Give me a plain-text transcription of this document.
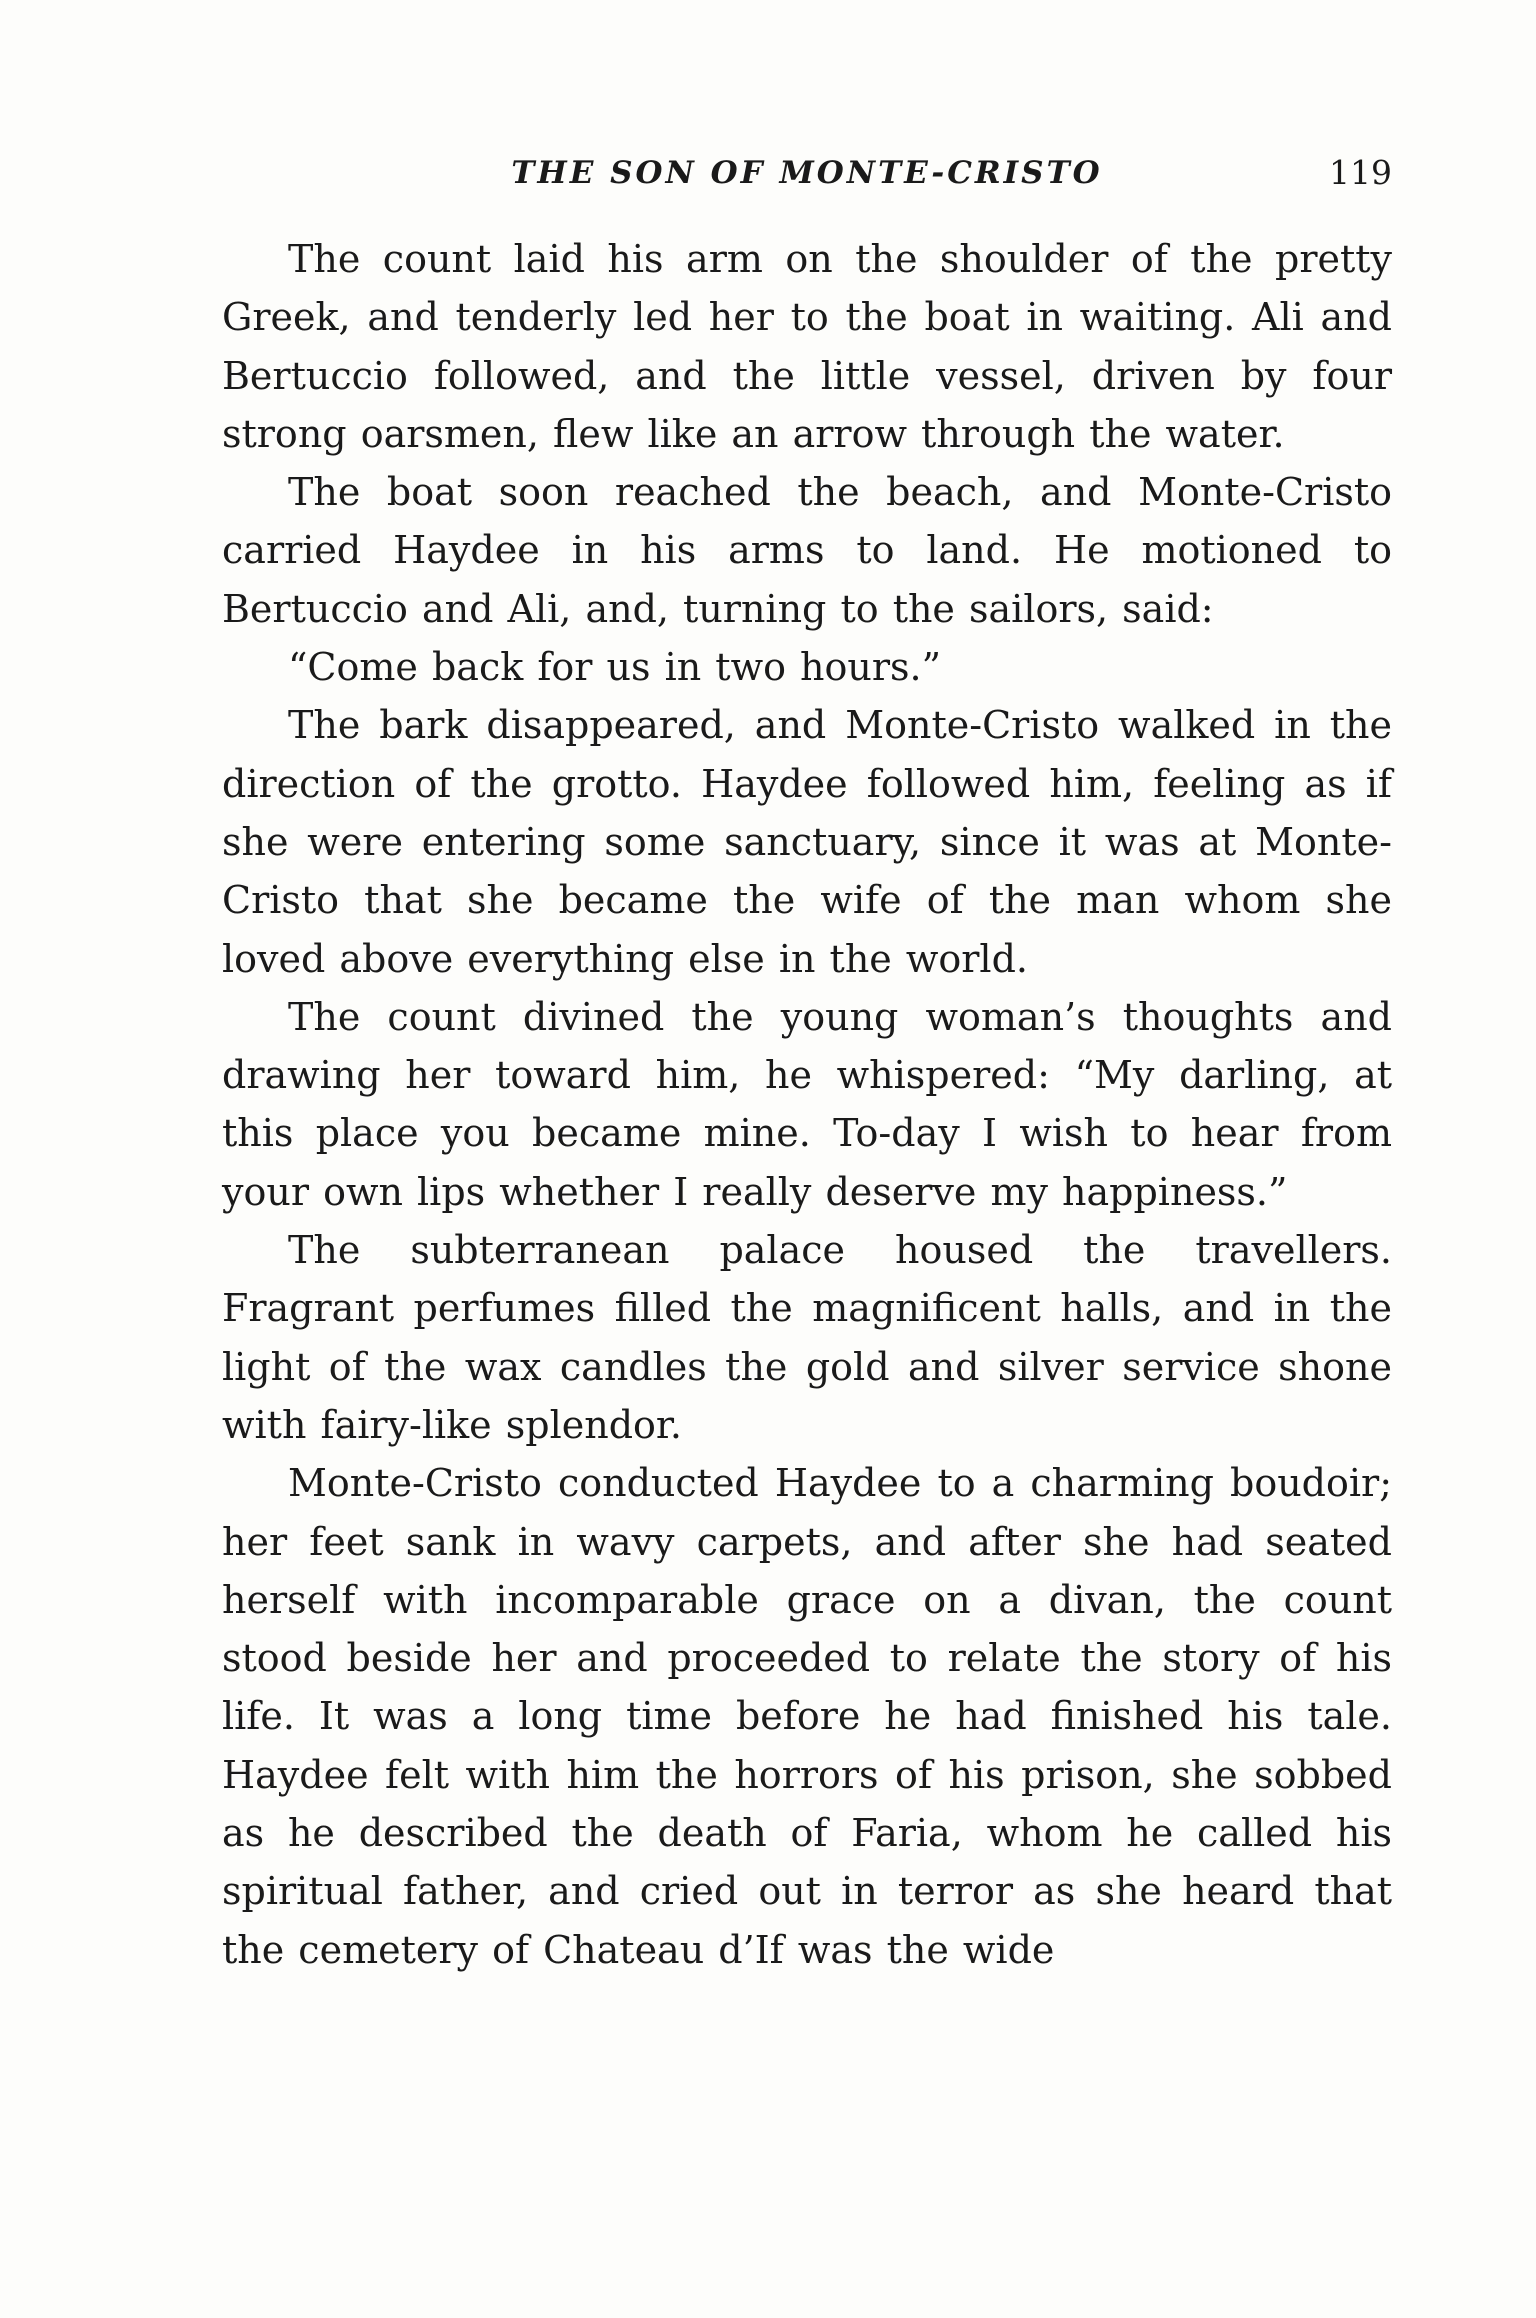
THE SON OF MONTE-CRISTO	119

The count laid his arm on the shoulder of the pretty Greek, and tenderly led her to the boat in waiting. Ali and Bertuccio followed, and the little vessel, driven by four strong oarsmen, flew like an arrow through the water.

The boat soon reached the beach, and Monte-Cristo carried Haydee in his arms to land. He motioned to Bertuccio and Ali, and, turning to the sailors, said:

“Come back for us in two hours.”

The bark disappeared, and Monte-Cristo walked in the direction of the grotto. Haydee followed him, feeling as if she were entering some sanctuary, since it was at Monte-Cristo that she became the wife of the man whom she loved above everything else in the world.

The count divined the young woman’s thoughts and drawing her toward him, he whispered: “My darling, at this place you became mine. To-day I wish to hear from your own lips whether I really deserve my happiness.”

The subterranean palace housed the travellers. Fragrant perfumes filled the magnificent halls, and in the light of the wax candles the gold and silver service shone with fairy-like splendor.

Monte-Cristo conducted Haydee to a charming boudoir; her feet sank in wavy carpets, and after she had seated herself with incomparable grace on a divan, the count stood beside her and proceeded to relate the story of his life. It was a long time before he had finished his tale. Haydee felt with him the horrors of his prison, she sobbed as he described the death of Faria, whom he called his spiritual father, and cried out in terror as she heard that the cemetery of Chateau d’If was the wide
